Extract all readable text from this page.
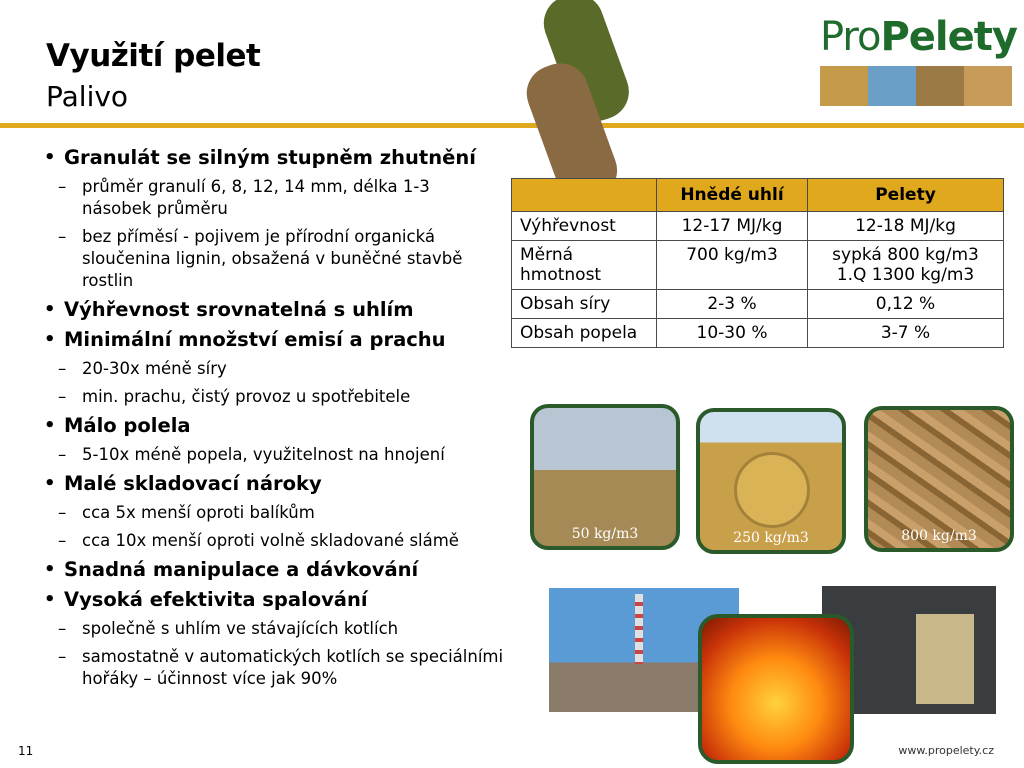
Využití pelet
Palivo
ProPelety
• Granulát se silným stupněm zhutnění
– průměr granulí 6, 8, 12, 14 mm, délka 1-3 násobek průměru
– bez příměsí - pojivem je přírodní organická sloučenina lignin, obsažená v buněčné stavbě rostlin
• Výhřevnost srovnatelná s uhlím
• Minimální množství emisí a prachu
– 20-30x méně síry
– min. prachu, čistý provoz u spotřebitele
• Málo polela
– 5-10x méně popela, využitelnost na hnojení
• Malé skladovací nároky
– cca 5x menší oproti balíkům
– cca 10x menší oproti volně skladované slámě
• Snadná manipulace a dávkování
• Vysoká efektivita spalování
– společně s uhlím ve stávajících kotlích
– samostatně v automatických kotlích se speciálními hořáky – účinnost více jak 90%
	Hnědé uhlí	Pelety
Výhřevnost	12-17 MJ/kg	12-18 MJ/kg
Měrná hmotnost	700 kg/m3	sypká 800 kg/m3
1.Q 1300 kg/m3
Obsah síry	2-3 %	0,12 %
Obsah popela	10-30 %	3-7 %
50 kg/m3	250 kg/m3	800 kg/m3
11	www.propelety.cz
